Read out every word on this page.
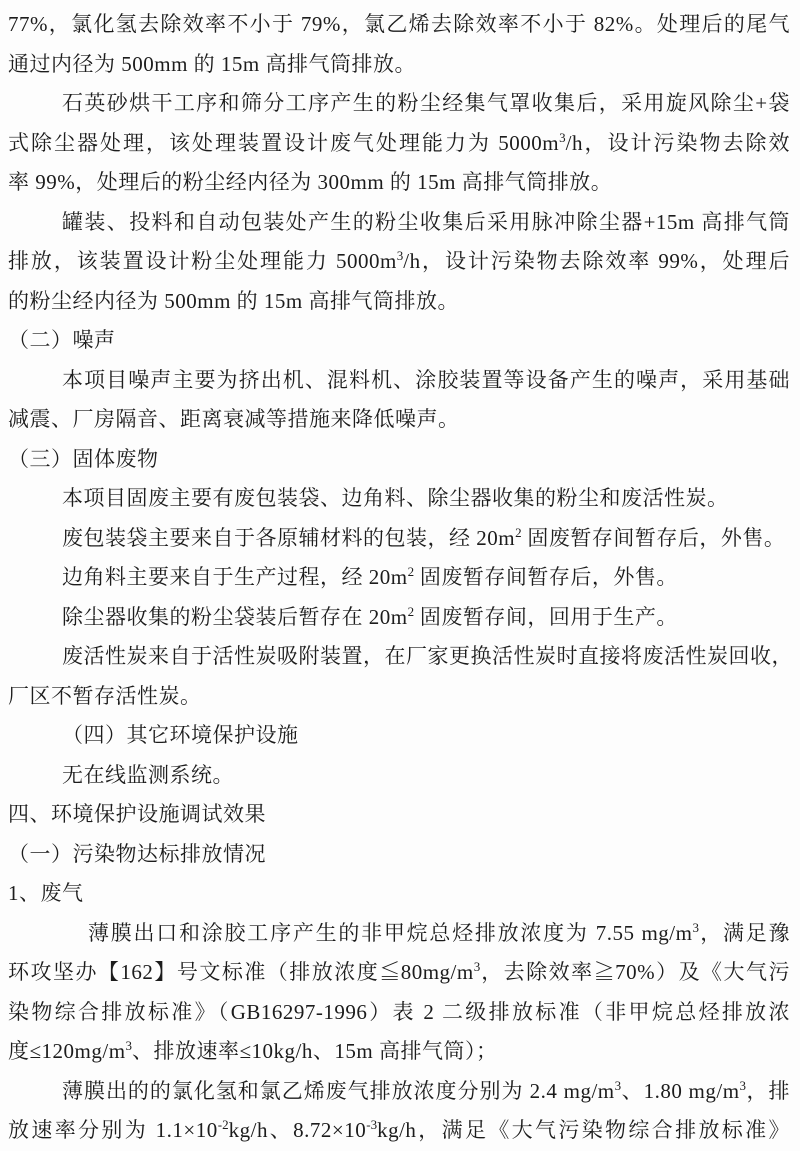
77%，氯化氢去除效率不小于 79%，氯乙烯去除效率不小于 82%。处理后的尾气
通过内径为 500mm 的 15m 高排气筒排放。
石英砂烘干工序和筛分工序产生的粉尘经集气罩收集后，采用旋风除尘+袋
式除尘器处理，该处理装置设计废气处理能力为 $5000m^3/h$，设计污染物去除效
率 99%，处理后的粉尘经内径为 300mm 的 15m 高排气筒排放。
罐装、投料和自动包装处产生的粉尘收集后采用脉冲除尘器+15m 高排气筒
排放，该装置设计粉尘处理能力 $5000m^3/h$，设计污染物去除效率 99%，处理后
的粉尘经内径为 500mm 的 15m 高排气筒排放。
（二）噪声
本项目噪声主要为挤出机、混料机、涂胶装置等设备产生的噪声，采用基础
减震、厂房隔音、距离衰减等措施来降低噪声。
（三）固体废物
本项目固废主要有废包装袋、边角料、除尘器收集的粉尘和废活性炭。
废包装袋主要来自于各原辅材料的包装，经 $20m^2$ 固废暂存间暂存后，外售。
边角料主要来自于生产过程，经 $20m^2$ 固废暂存间暂存后，外售。
除尘器收集的粉尘袋装后暂存在 $20m^2$ 固废暂存间，回用于生产。
废活性炭来自于活性炭吸附装置，在厂家更换活性炭时直接将废活性炭回收，
厂区不暂存活性炭。
（四）其它环境保护设施
无在线监测系统。
四、环境保护设施调试效果
（一）污染物达标排放情况
1、废气
薄膜出口和涂胶工序产生的非甲烷总烃排放浓度为 7.55 $mg/m^3$，满足豫
环攻坚办【162】号文标准（排放浓度$≦80mg/m^3$，去除效率≧70%）及《大气污
染物综合排放标准》（GB16297-1996）表 2 二级排放标准（非甲烷总烃排放浓
度$\le 120mg/m^3$、排放速率≤10kg/h、15m 高排气筒）；
薄膜出的的氯化氢和氯乙烯废气排放浓度分别为 2.4 $mg/m^3$、1.80 $mg/m^3$，排
放速率分别为 $1.1\times 10^{-2}kg/h$、$8.72\times 10^{-3}kg/h$，满足《大气污染物综合排放标准》
